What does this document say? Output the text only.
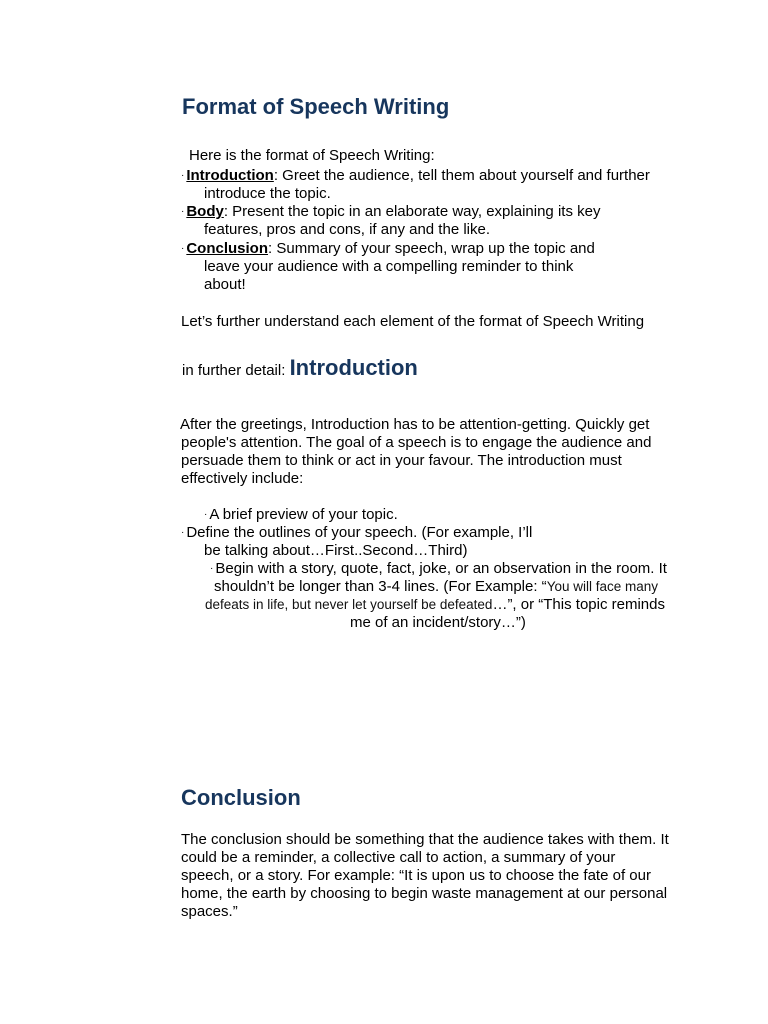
Format of Speech Writing
Here is the format of Speech Writing:
· Introduction: Greet the audience, tell them about yourself and further
introduce the topic.
· Body: Present the topic in an elaborate way, explaining its key
features, pros and cons, if any and the like.
· Conclusion: Summary of your speech, wrap up the topic and
leave your audience with a compelling reminder to think
about!
Let’s further understand each element of the format of Speech Writing
in further detail: Introduction
After the greetings, Introduction has to be attention-getting. Quickly get
people's attention. The goal of a speech is to engage the audience and
persuade them to think or act in your favour. The introduction must
effectively include:
· A brief preview of your topic.
· Define the outlines of your speech. (For example, I’ll
be talking about…First..Second…Third)
· Begin with a story, quote, fact, joke, or an observation in the room. It
shouldn’t be longer than 3-4 lines. (For Example: “You will face many
defeats in life, but never let yourself be defeated…”, or “This topic reminds
me of an incident/story…”)
Conclusion
The conclusion should be something that the audience takes with them. It
could be a reminder, a collective call to action, a summary of your
speech, or a story. For example: “It is upon us to choose the fate of our
home, the earth by choosing to begin waste management at our personal
spaces.”
